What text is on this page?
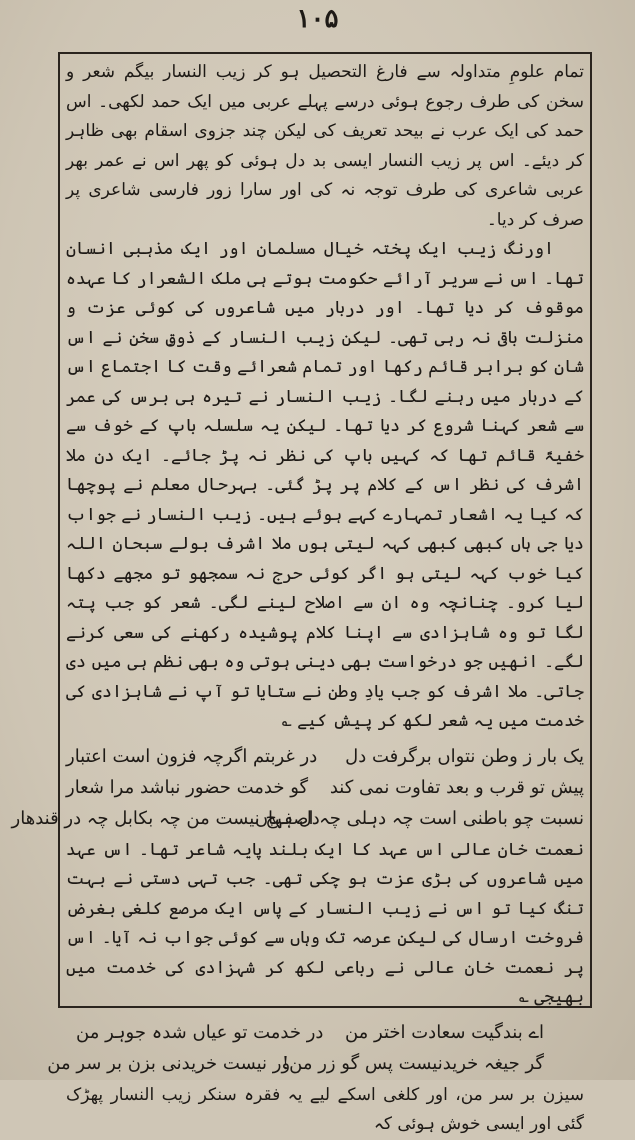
۱۰۵

تمام علومِ متداولہ سے فارغ التحصیل ہو کر زیب النسار بیگم شعر و سخن کی طرف رجوع ہوئی درسے پہلے عربی میں ایک حمد لکھی۔ اس حمد کی ایک عرب نے بیحد تعریف کی لیکن چند جزوی اسقام بھی ظاہر کر دیئے۔ اس پر زیب النسار ایسی بد دل ہوئی کو پھر اس نے عمر بھر عربی شاعری کی طرف توجہ نہ کی اور سارا زور فارسی شاعری پر صرف کر دیا۔

اورنگ زیب ایک پختہ خیال مسلمان اور ایک مذہبی انسان تھا۔ اس نے سریر آرائے حکومت ہوتے ہی ملک الشعرار کا عہدہ موقوف کر دیا تھا۔ اور دربار میں شاعروں کی کوئی عزت و منزلت باقی نہ رہی تھی۔ لیکن زیب النسار کے ذوقِ سخن نے اس شان کو برابر قائم رکھا اور تمام شعرائے وقت کا اجتماع اس کے دربار میں رہنے لگا۔ زیب النسار نے تیرہ ہی برس کی عمر سے شعر کہنا شروع کر دیا تھا۔ لیکن یہ سلسلہ باپ کے خوف سے خفیۃً قائم تھا کہ کہیں باپ کی نظر نہ پڑ جائے۔ ایک دن ملا اشرف کی نظر اس کے کلام پر پڑ گئی۔ بہرحال معلم نے پوچھا کہ کیا یہ اشعار تمہارے کہے ہوئے ہیں۔ زیب النسار نے جواب دیا جی ہاں کبھی کبھی کہہ لیتی ہوں ملا اشرف بولے سبحان اللہ کیا خوب کہہ لیتی ہو اگر کوئی حرج نہ سمجھو تو مجھے دکھا لیا کرو۔ چنانچہ وہ ان سے اصلاح لینے لگی۔ شعر کو جب پتہ لگا تو وہ شاہزادی سے اپنا کلام پوشیدہ رکھنے کی سعی کرنے لگے۔ انھیں جو درخواست بھی دینی ہوتی وہ بھی نظم ہی میں دی جاتی۔ ملا اشرف کو جب یادِ وطن نے ستایا تو آپ نے شاہزادی کی خدمت میں یہ شعر لکھ کر پیش کیے ؎

یک بار ز وطن نتواں برگرفت دل
در غربتم اگرچہ فزون است اعتبار
پیش تو قرب و بعد تفاوت نمی کند
گو خدمت حضور نباشد مرا شعار
نسبت چو باطنی است چہ دہلی چہ اصفہاں
دل ہیچ نیست من چہ بکابل چہ در قندھار

نعمت خان عالی اس عہد کا ایک بلند پایہ شاعر تھا۔ اس عہد میں شاعروں کی بڑی عزت ہو چکی تھی۔ جب تہی دستی نے بہت تنگ کیا تو اس نے زیب النسار کے پاس ایک مرصع کلغی بغرض فروخت ارسال کی لیکن عرصہ تک وہاں سے کوئی جواب نہ آیا۔ اس پر نعمت خان عالی نے رباعی لکھ کر شہزادی کی خدمت میں بھیجی ؎

اے بندگیت سعادت اختر من
در خدمت تو عیاں شدہ جوہر من
گر جیغہ خریدنیست پس گو زر من!
ور نیست خریدنی بزن بر سر من

سیزن بر سر من، اور کلغی اسکے لیے یہ فقرہ سنکر زیب النسار پھڑک گئی اور ایسی خوش ہوئی کہ
